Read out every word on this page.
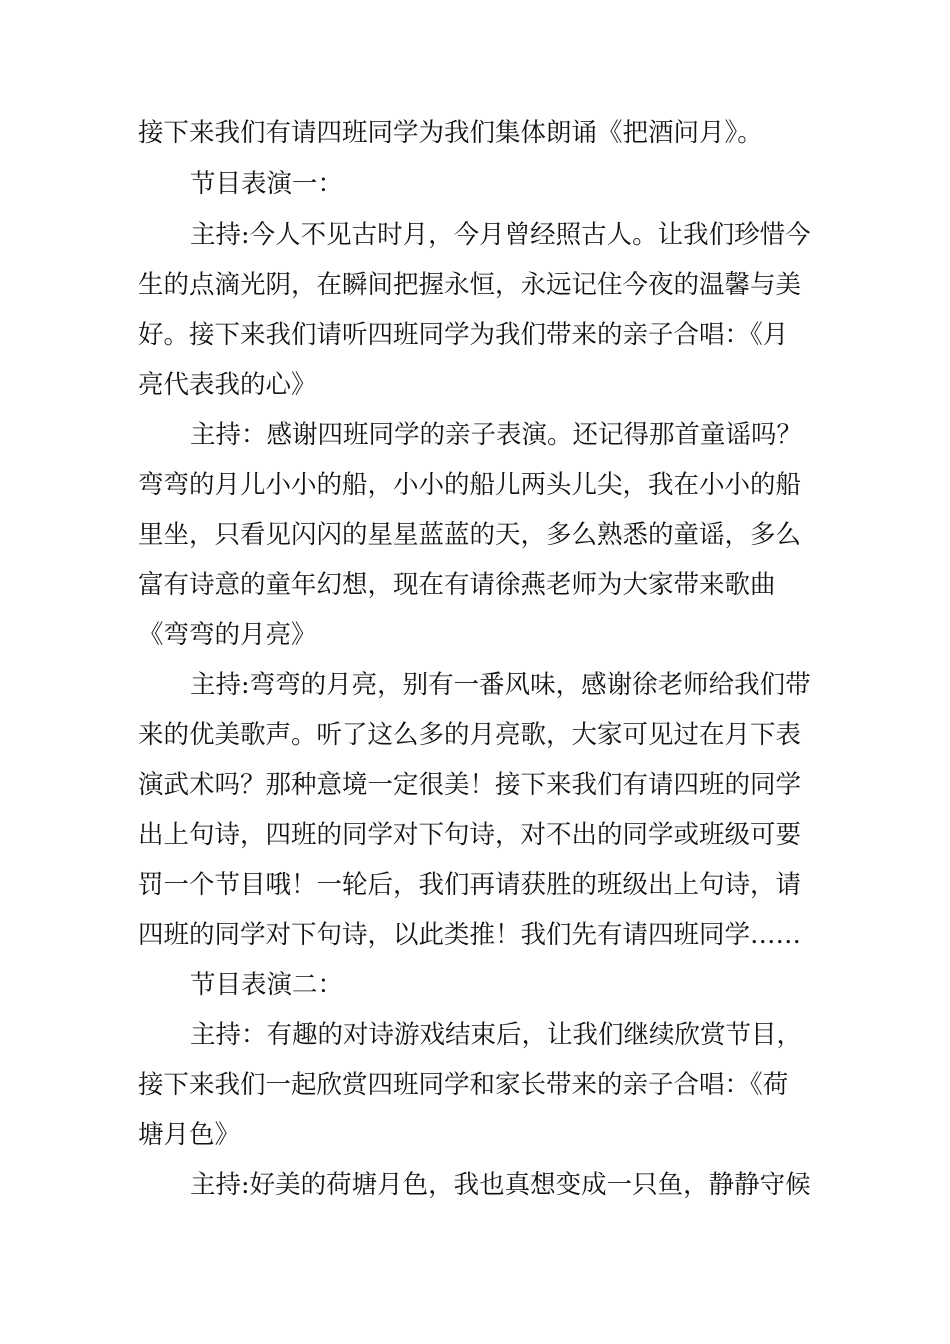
接下来我们有请四班同学为我们集体朗诵《把酒问月》。

节目表演一：

主持:今人不见古时月，今月曾经照古人。让我们珍惜今

生的点滴光阴，在瞬间把握永恒，永远记住今夜的温馨与美

好。接下来我们请听四班同学为我们带来的亲子合唱：《月

亮代表我的心》

主持：感谢四班同学的亲子表演。还记得那首童谣吗？

弯弯的月儿小小的船，小小的船儿两头儿尖，我在小小的船

里坐，只看见闪闪的星星蓝蓝的天，多么熟悉的童谣，多么

富有诗意的童年幻想，现在有请徐燕老师为大家带来歌曲

《弯弯的月亮》

主持:弯弯的月亮，别有一番风味，感谢徐老师给我们带

来的优美歌声。听了这么多的月亮歌，大家可见过在月下表

演武术吗？那种意境一定很美！接下来我们有请四班的同学

出上句诗，四班的同学对下句诗，对不出的同学或班级可要

罚一个节目哦！一轮后，我们再请获胜的班级出上句诗，请

四班的同学对下句诗，以此类推！我们先有请四班同学……

节目表演二：

主持：有趣的对诗游戏结束后，让我们继续欣赏节目，

接下来我们一起欣赏四班同学和家长带来的亲子合唱：《荷

塘月色》

主持:好美的荷塘月色，我也真想变成一只鱼，静静守候
